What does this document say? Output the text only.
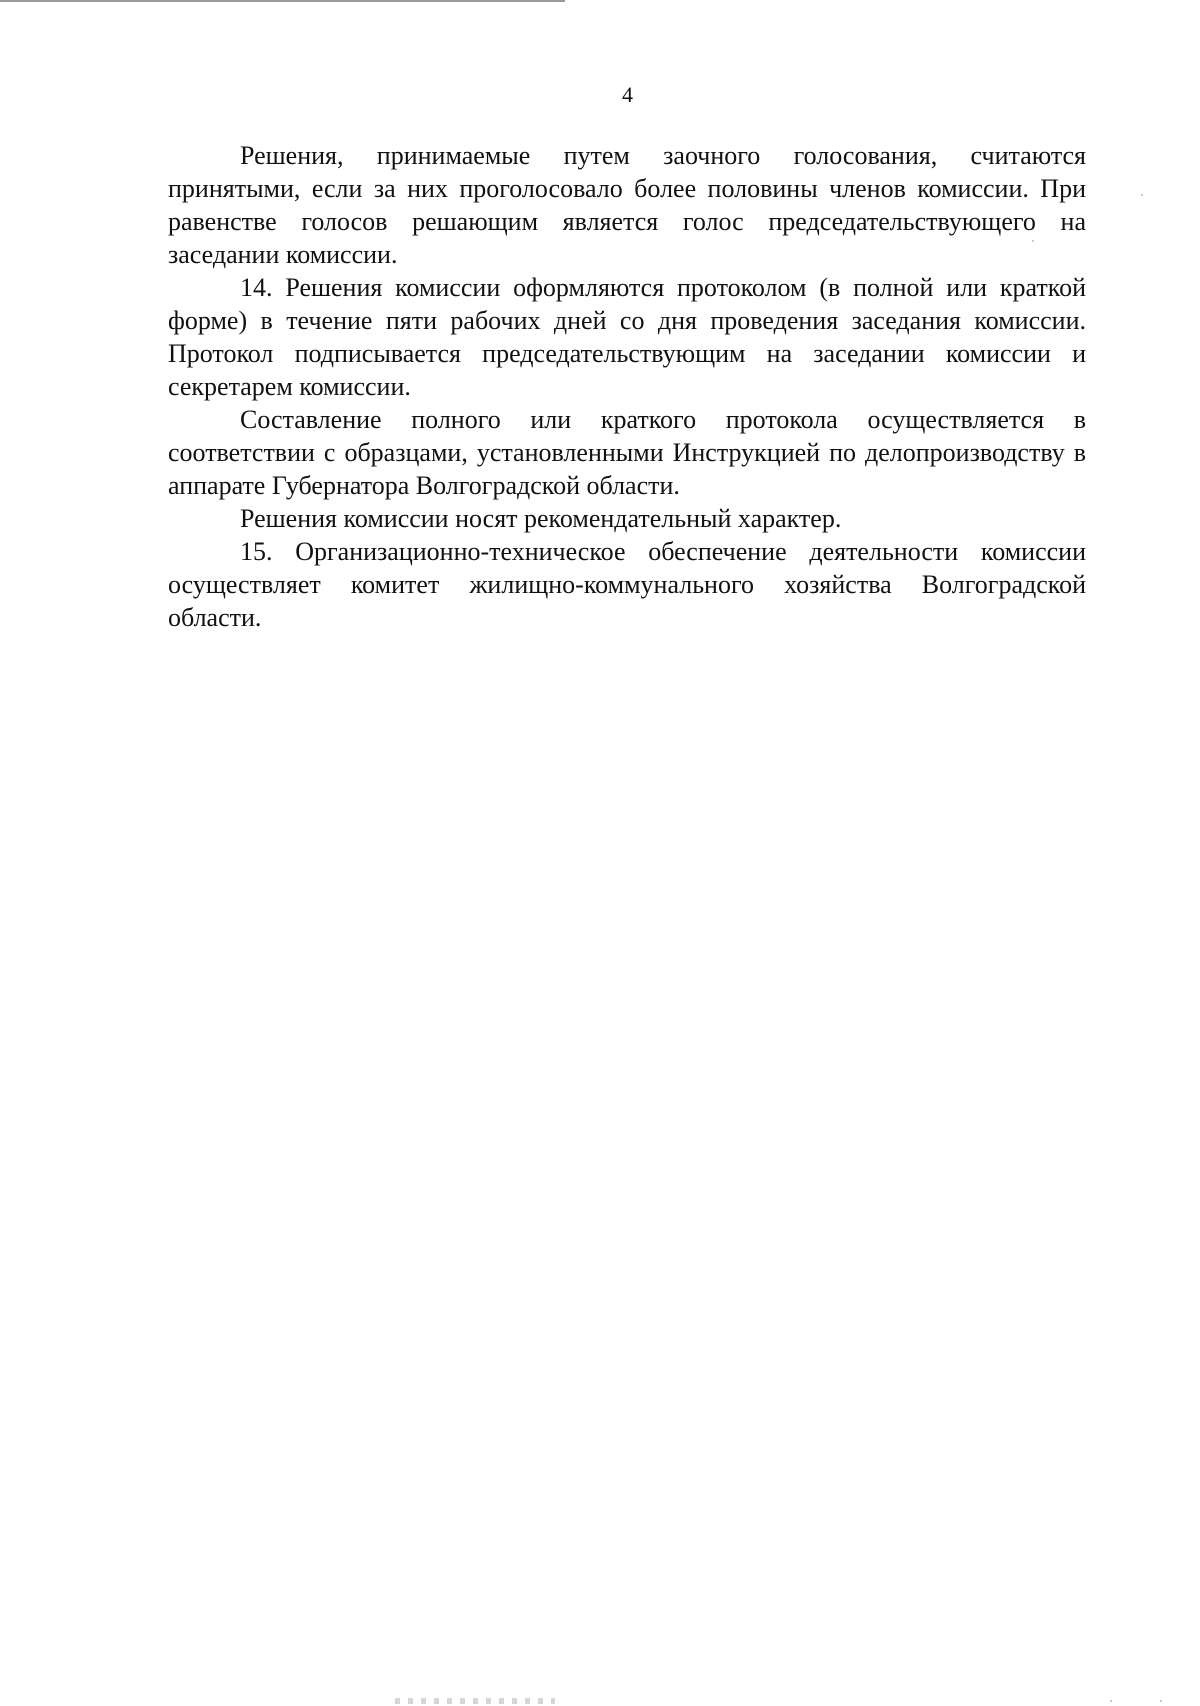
4

Решения, принимаемые путем заочного голосования, считаются принятыми, если за них проголосовало более половины членов комиссии. При равенстве голосов решающим является голос председательствующего на заседании комиссии.

14. Решения комиссии оформляются протоколом (в полной или краткой форме) в течение пяти рабочих дней со дня проведения заседания комиссии. Протокол подписывается председательствующим на заседании комиссии и секретарем комиссии.

Составление полного или краткого протокола осуществляется в соответствии с образцами, установленными Инструкцией по делопроизводству в аппарате Губернатора Волгоградской области.

Решения комиссии носят рекомендательный характер.

15. Организационно-техническое обеспечение деятельности комиссии осуществляет комитет жилищно-коммунального хозяйства Волгоградской области.
